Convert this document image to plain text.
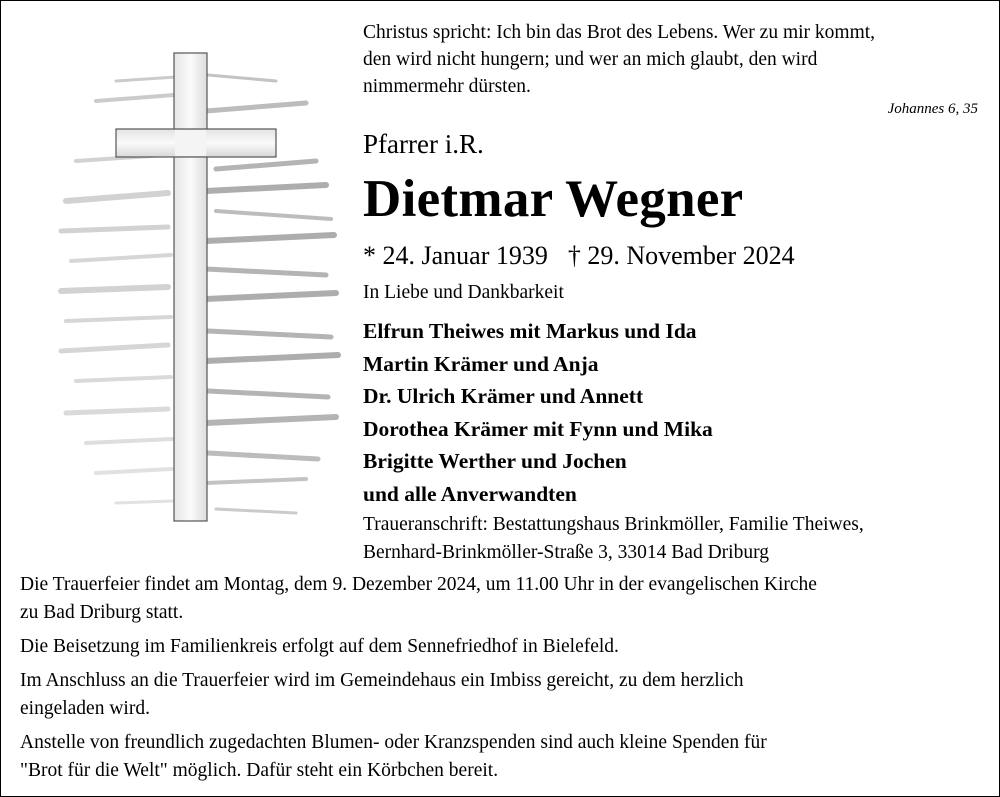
Christus spricht: Ich bin das Brot des Lebens. Wer zu mir kommt,
den wird nicht hungern; und wer an mich glaubt, den wird
nimmermehr dürsten.
Johannes 6, 35
Pfarrer i.R.
Dietmar Wegner
* 24. Januar 1939 † 29. November 2024
In Liebe und Dankbarkeit
Elfrun Theiwes mit Markus und Ida
Martin Krämer und Anja
Dr. Ulrich Krämer und Annett
Dorothea Krämer mit Fynn und Mika
Brigitte Werther und Jochen
und alle Anverwandten
Traueranschrift: Bestattungshaus Brinkmöller, Familie Theiwes,
Bernhard-Brinkmöller-Straße 3, 33014 Bad Driburg

Die Trauerfeier findet am Montag, dem 9. Dezember 2024, um 11.00 Uhr in der evangelischen Kirche
zu Bad Driburg statt.

Die Beisetzung im Familienkreis erfolgt auf dem Sennefriedhof in Bielefeld.

Im Anschluss an die Trauerfeier wird im Gemeindehaus ein Imbiss gereicht, zu dem herzlich
eingeladen wird.

Anstelle von freundlich zugedachten Blumen- oder Kranzspenden sind auch kleine Spenden für
"Brot für die Welt" möglich. Dafür steht ein Körbchen bereit.
